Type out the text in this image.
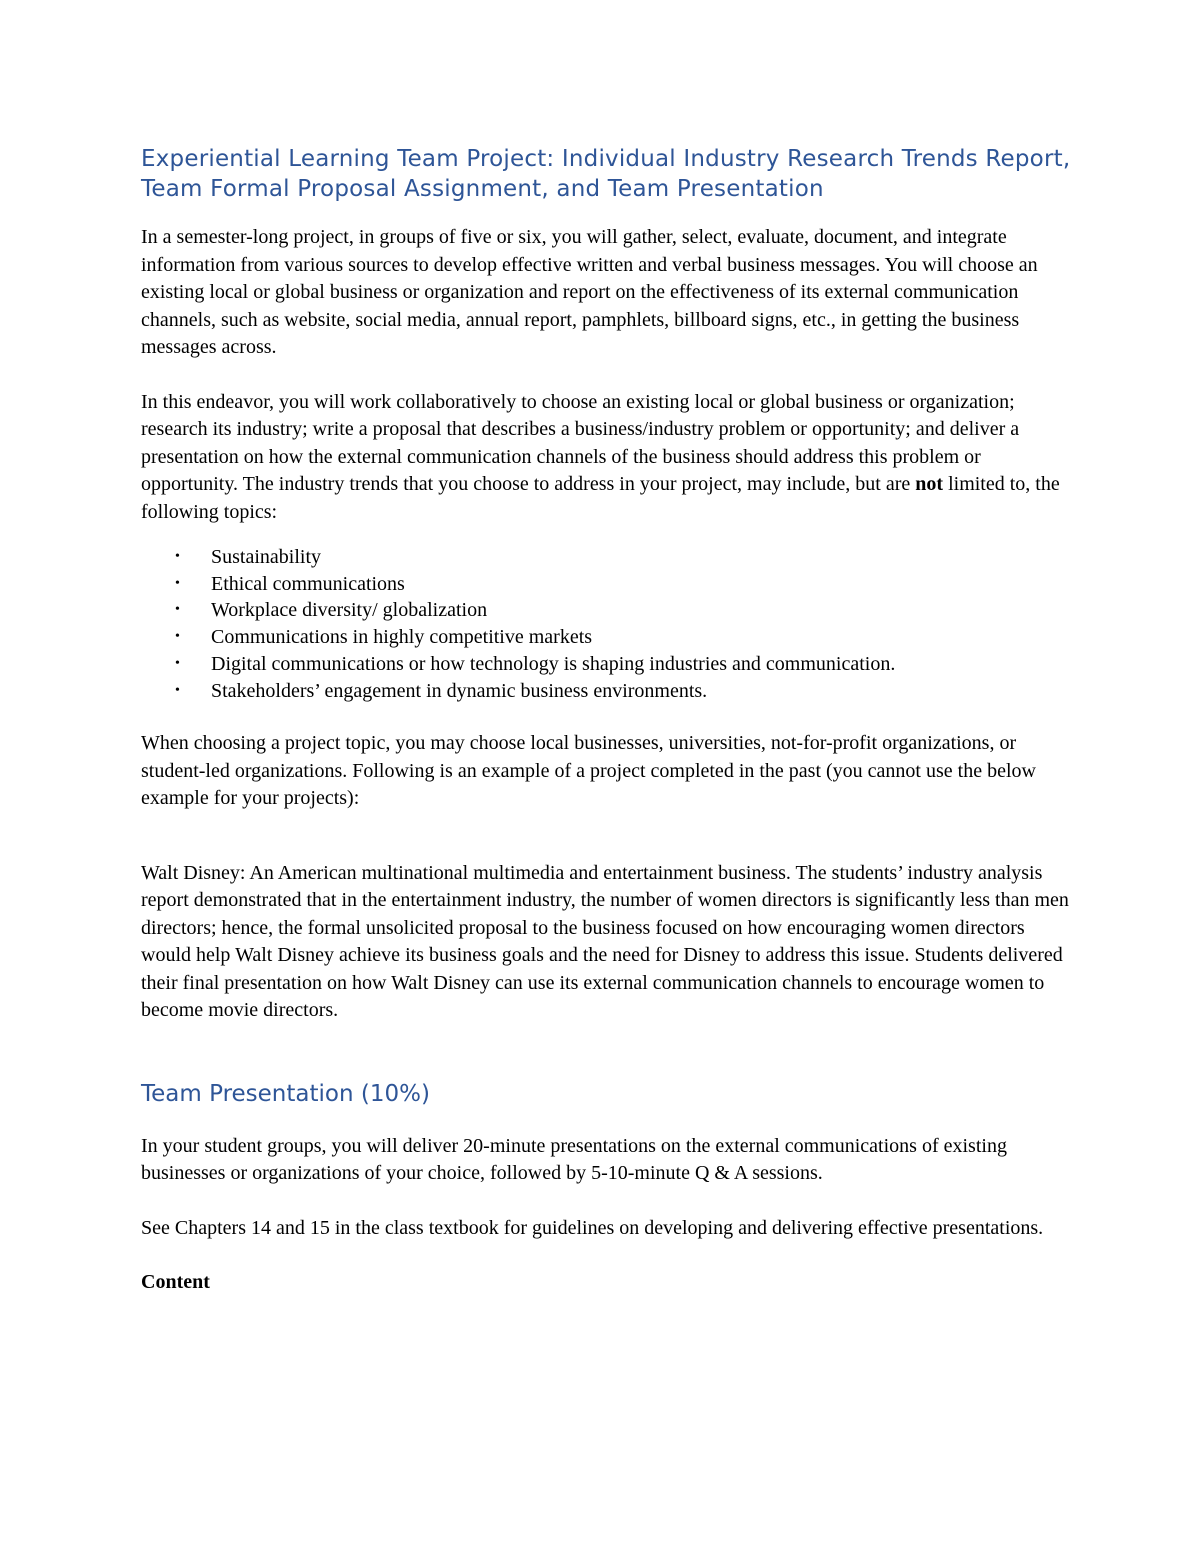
Experiential Learning Team Project: Individual Industry Research Trends Report, Team Formal Proposal Assignment, and Team Presentation

In a semester-long project, in groups of five or six, you will gather, select, evaluate, document, and integrate information from various sources to develop effective written and verbal business messages. You will choose an existing local or global business or organization and report on the effectiveness of its external communication channels, such as website, social media, annual report, pamphlets, billboard signs, etc., in getting the business messages across.

In this endeavor, you will work collaboratively to choose an existing local or global business or organization; research its industry; write a proposal that describes a business/industry problem or opportunity; and deliver a presentation on how the external communication channels of the business should address this problem or opportunity. The industry trends that you choose to address in your project, may include, but are not limited to, the following topics:

• Sustainability
• Ethical communications
• Workplace diversity/ globalization
• Communications in highly competitive markets
• Digital communications or how technology is shaping industries and communication.
• Stakeholders’ engagement in dynamic business environments.

When choosing a project topic, you may choose local businesses, universities, not-for-profit organizations, or student-led organizations. Following is an example of a project completed in the past (you cannot use the below example for your projects):

Walt Disney: An American multinational multimedia and entertainment business. The students’ industry analysis report demonstrated that in the entertainment industry, the number of women directors is significantly less than men directors; hence, the formal unsolicited proposal to the business focused on how encouraging women directors would help Walt Disney achieve its business goals and the need for Disney to address this issue. Students delivered their final presentation on how Walt Disney can use its external communication channels to encourage women to become movie directors.

Team Presentation (10%)

In your student groups, you will deliver 20-minute presentations on the external communications of existing businesses or organizations of your choice, followed by 5-10-minute Q & A sessions.

See Chapters 14 and 15 in the class textbook for guidelines on developing and delivering effective presentations.

Content
